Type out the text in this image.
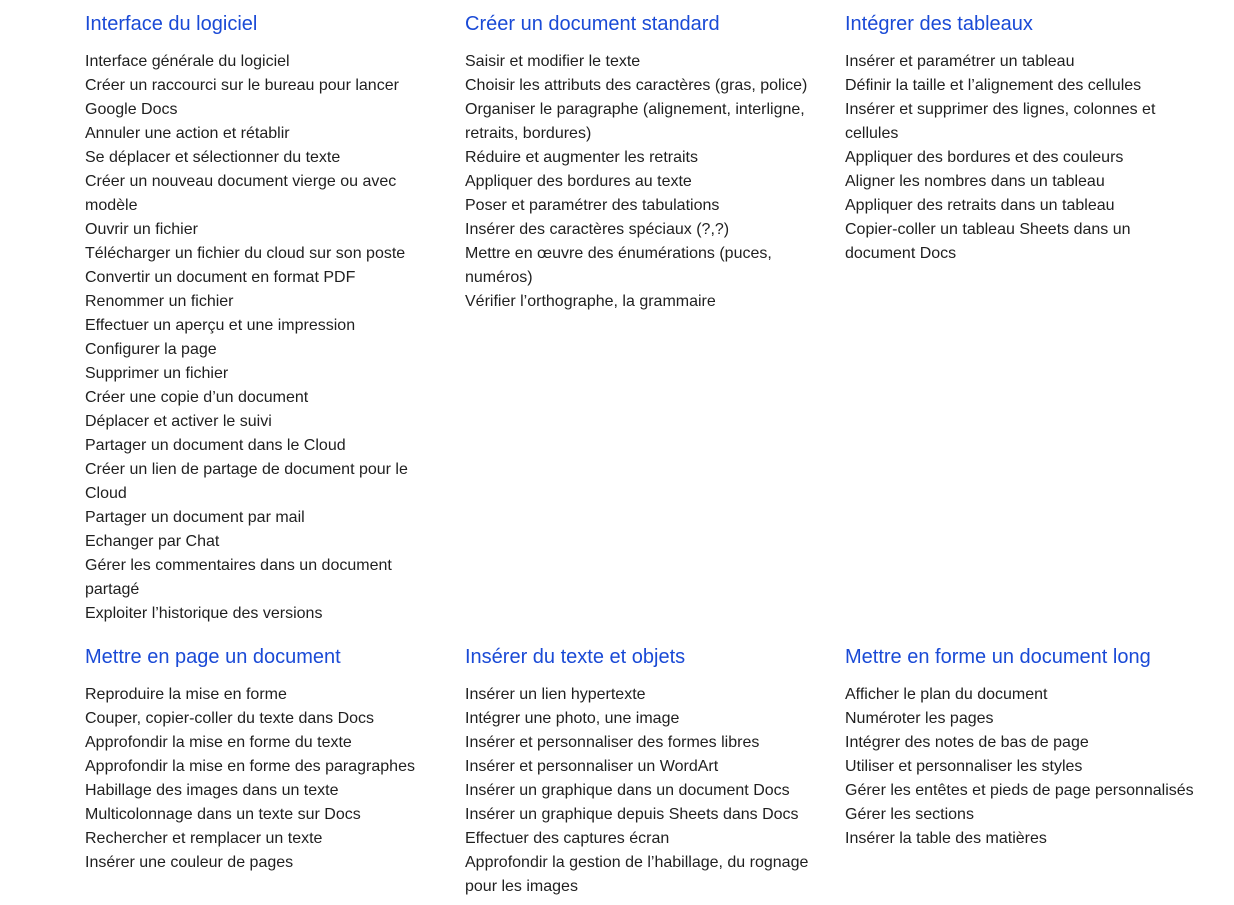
Interface du logiciel
Interface générale du logiciel
Créer un raccourci sur le bureau pour lancer Google Docs
Annuler une action et rétablir
Se déplacer et sélectionner du texte
Créer un nouveau document vierge ou avec modèle
Ouvrir un fichier
Télécharger un fichier du cloud sur son poste
Convertir un document en format PDF
Renommer un fichier
Effectuer un aperçu et une impression
Configurer la page
Supprimer un fichier
Créer une copie d’un document
Déplacer et activer le suivi
Partager un document dans le Cloud
Créer un lien de partage de document pour le Cloud
Partager un document par mail
Echanger par Chat
Gérer les commentaires dans un document partagé
Exploiter l’historique des versions
Créer un document standard
Saisir et modifier le texte
Choisir les attributs des caractères (gras, police)
Organiser le paragraphe (alignement, interligne, retraits, bordures)
Réduire et augmenter les retraits
Appliquer des bordures au texte
Poser et paramétrer des tabulations
Insérer des caractères spéciaux (?,?)
Mettre en œuvre des énumérations (puces, numéros)
Vérifier l’orthographe, la grammaire
Intégrer des tableaux
Insérer et paramétrer un tableau
Définir la taille et l’alignement des cellules
Insérer et supprimer des lignes, colonnes et cellules
Appliquer des bordures et des couleurs
Aligner les nombres dans un tableau
Appliquer des retraits dans un tableau
Copier-coller un tableau Sheets dans un document Docs
Mettre en page un document
Reproduire la mise en forme
Couper, copier-coller du texte dans Docs
Approfondir la mise en forme du texte
Approfondir la mise en forme des paragraphes
Habillage des images dans un texte
Multicolonnage dans un texte sur Docs
Rechercher et remplacer un texte
Insérer une couleur de pages
Insérer du texte et objets
Insérer un lien hypertexte
Intégrer une photo, une image
Insérer et personnaliser des formes libres
Insérer et personnaliser un WordArt
Insérer un graphique dans un document Docs
Insérer un graphique depuis Sheets dans Docs
Effectuer des captures écran
Approfondir la gestion de l’habillage, du rognage pour les images
Mettre en forme un document long
Afficher le plan du document
Numéroter les pages
Intégrer des notes de bas de page
Utiliser et personnaliser les styles
Gérer les entêtes et pieds de page personnalisés
Gérer les sections
Insérer la table des matières
